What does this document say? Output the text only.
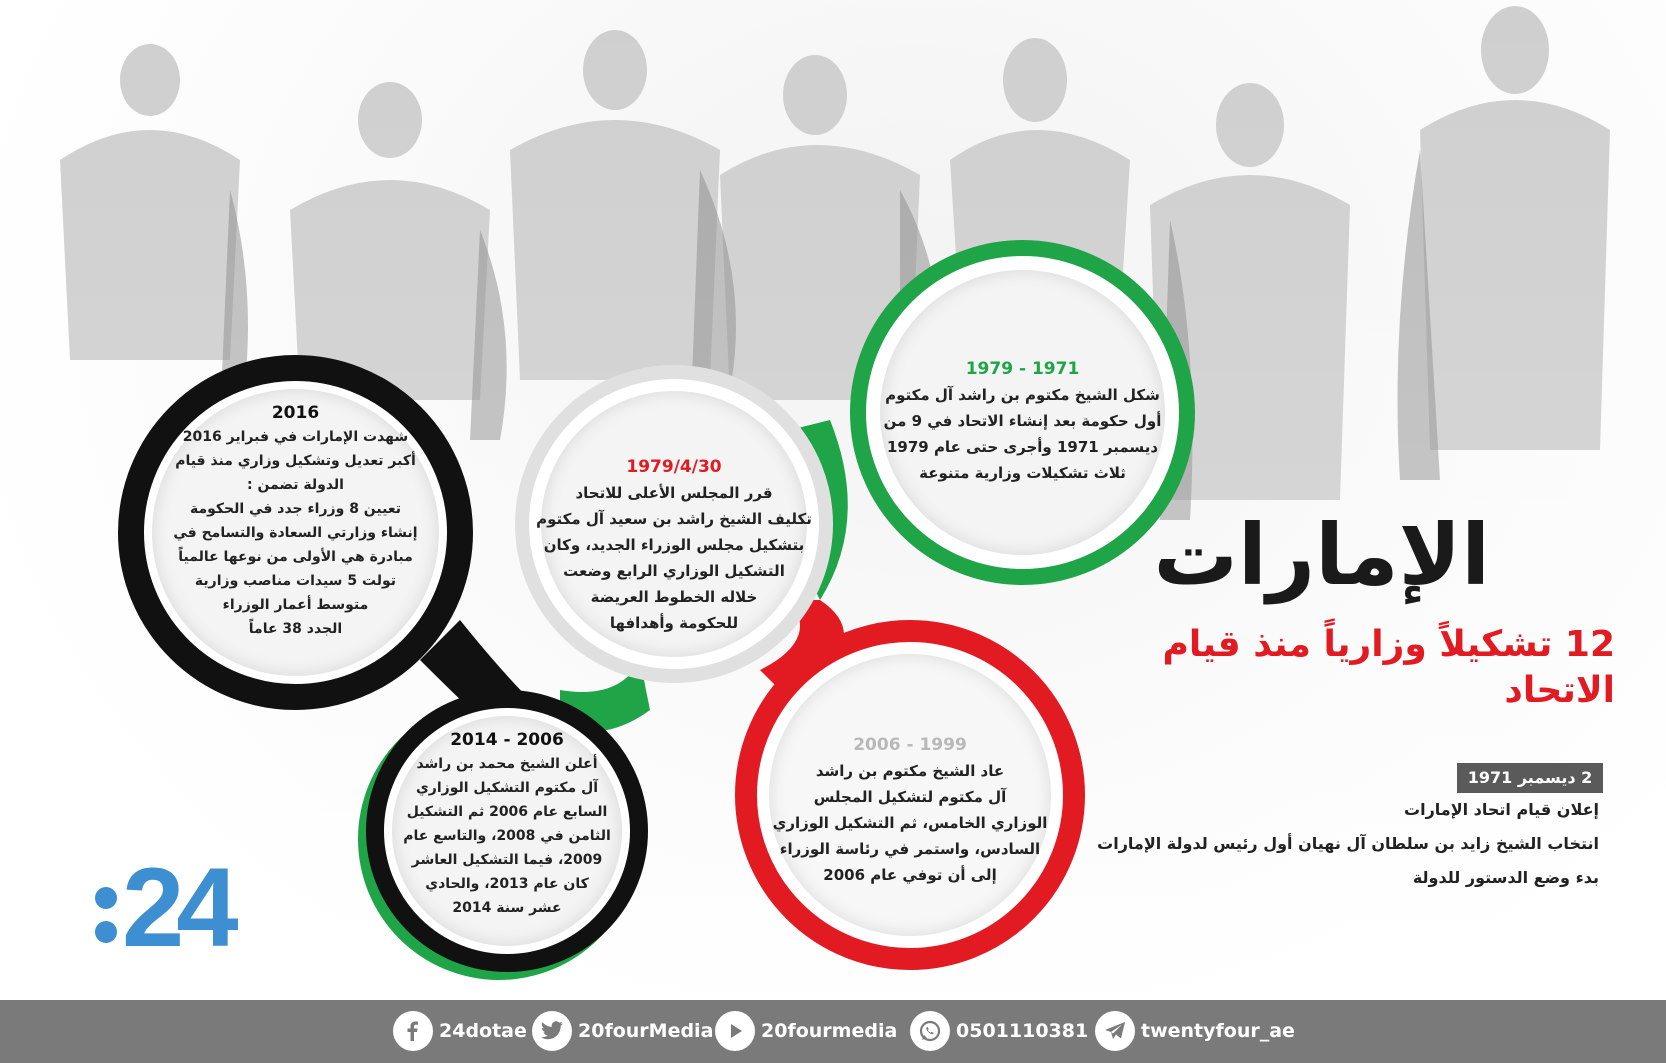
1971 - 1979
شكل الشيخ مكتوم بن راشد آل مكتوم
أول حكومة بعد إنشاء الاتحاد في 9 من
ديسمبر 1971 وأجرى حتى عام 1979
ثلاث تشكيلات وزارية متنوعة
1979/4/30
قرر المجلس الأعلى للاتحاد
تكليف الشيخ راشد بن سعيد آل مكتوم
بتشكيل مجلس الوزراء الجديد، وكان
التشكيل الوزاري الرابع وضعت
خلاله الخطوط العريضة
للحكومة وأهدافها
1999 - 2006
عاد الشيخ مكتوم بن راشد
آل مكتوم لتشكيل المجلس
الوزاري الخامس، ثم التشكيل الوزاري
السادس، واستمر في رئاسة الوزراء
إلى أن توفي عام 2006
2006 - 2014
أعلن الشيخ محمد بن راشد
آل مكتوم التشكيل الوزاري
السابع عام 2006 ثم التشكيل
الثامن في 2008، والتاسع عام
2009، فيما التشكيل العاشر
كان عام 2013، والحادي
عشر سنة 2014
2016
شهدت الإمارات في فبراير 2016
أكبر تعديل وتشكيل وزاري منذ قيام
الدولة تضمن :
تعيين 8 وزراء جدد في الحكومة
إنشاء وزارتي السعادة والتسامح في
مبادرة هي الأولى من نوعها عالمياً
تولت 5 سيدات مناصب وزارية
متوسط أعمار الوزراء
الجدد 38 عاماً
الإمارات
12 تشكيلاً وزارياً منذ قيام الاتحاد
2 ديسمبر 1971
إعلان قيام اتحاد الإمارات
انتخاب الشيخ زايد بن سلطان آل نهيان أول رئيس لدولة الإمارات
بدء وضع الدستور للدولة
24
24dotae	20fourMedia	20fourmedia	0501110381	twentyfour_ae
